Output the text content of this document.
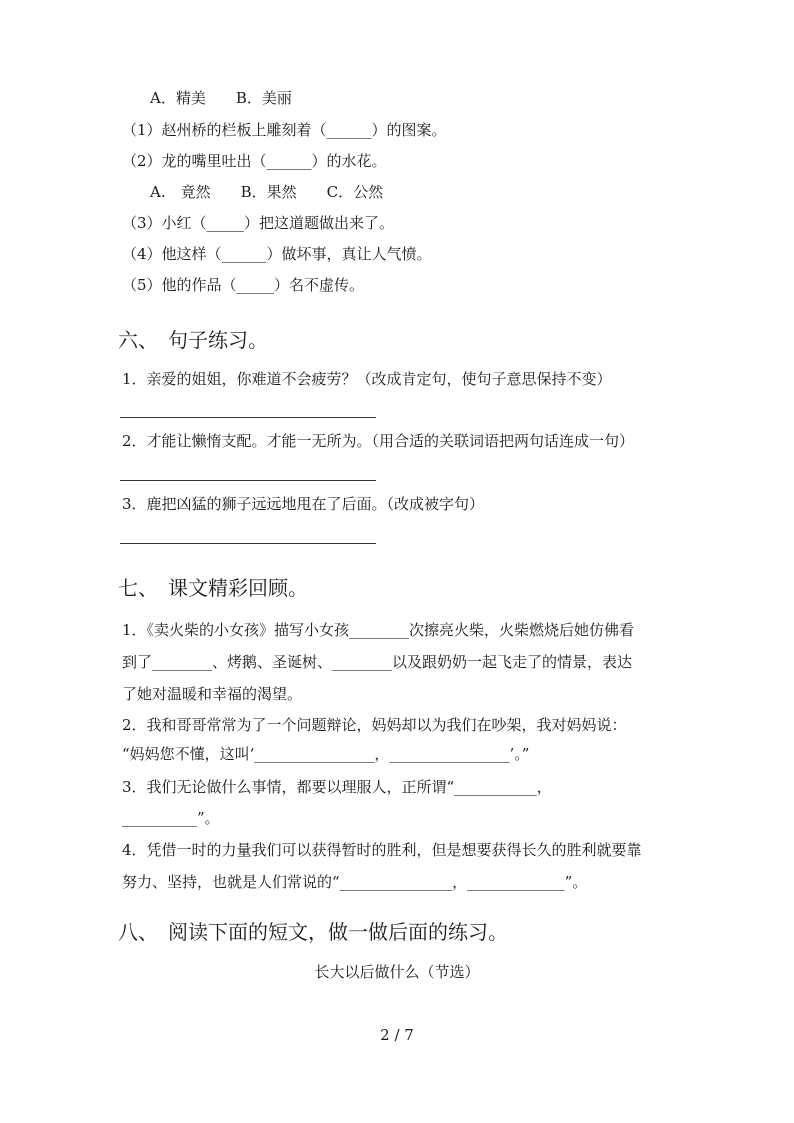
A．精美　　B．美丽
（1）赵州桥的栏板上雕刻着（______）的图案。
（2）龙的嘴里吐出（______）的水花。
A.　竟然　　B．果然　　C．公然
（3）小红（_____）把这道题做出来了。
（4）他这样（______）做坏事，真让人气愤。
（5）他的作品（_____）名不虚传。
六、　句子练习。
1．亲爱的姐姐，你难道不会疲劳？（改成肯定句，使句子意思保持不变）
2．才能让懒惰支配。才能一无所为。（用合适的关联词语把两句话连成一句）
3．鹿把凶猛的狮子远远地甩在了后面。（改成被字句）
七、　课文精彩回顾。
1．《卖火柴的小女孩》描写小女孩________次擦亮火柴，火柴燃烧后她仿佛看
到了________、烤鹅、圣诞树、________以及跟奶奶一起飞走了的情景，表达
了她对温暖和幸福的渴望。
2．我和哥哥常常为了一个问题辩论，妈妈却以为我们在吵架，我对妈妈说：
“妈妈您不懂，这叫‘________________，________________’。”
3．我们无论做什么事情，都要以理服人，正所谓“___________，
__________”。
4．凭借一时的力量我们可以获得暂时的胜利，但是想要获得长久的胜利就要靠
努力、坚持，也就是人们常说的“_______________，_____________”。
八、　阅读下面的短文，做一做后面的练习。
长大以后做什么（节选）
2 / 7
